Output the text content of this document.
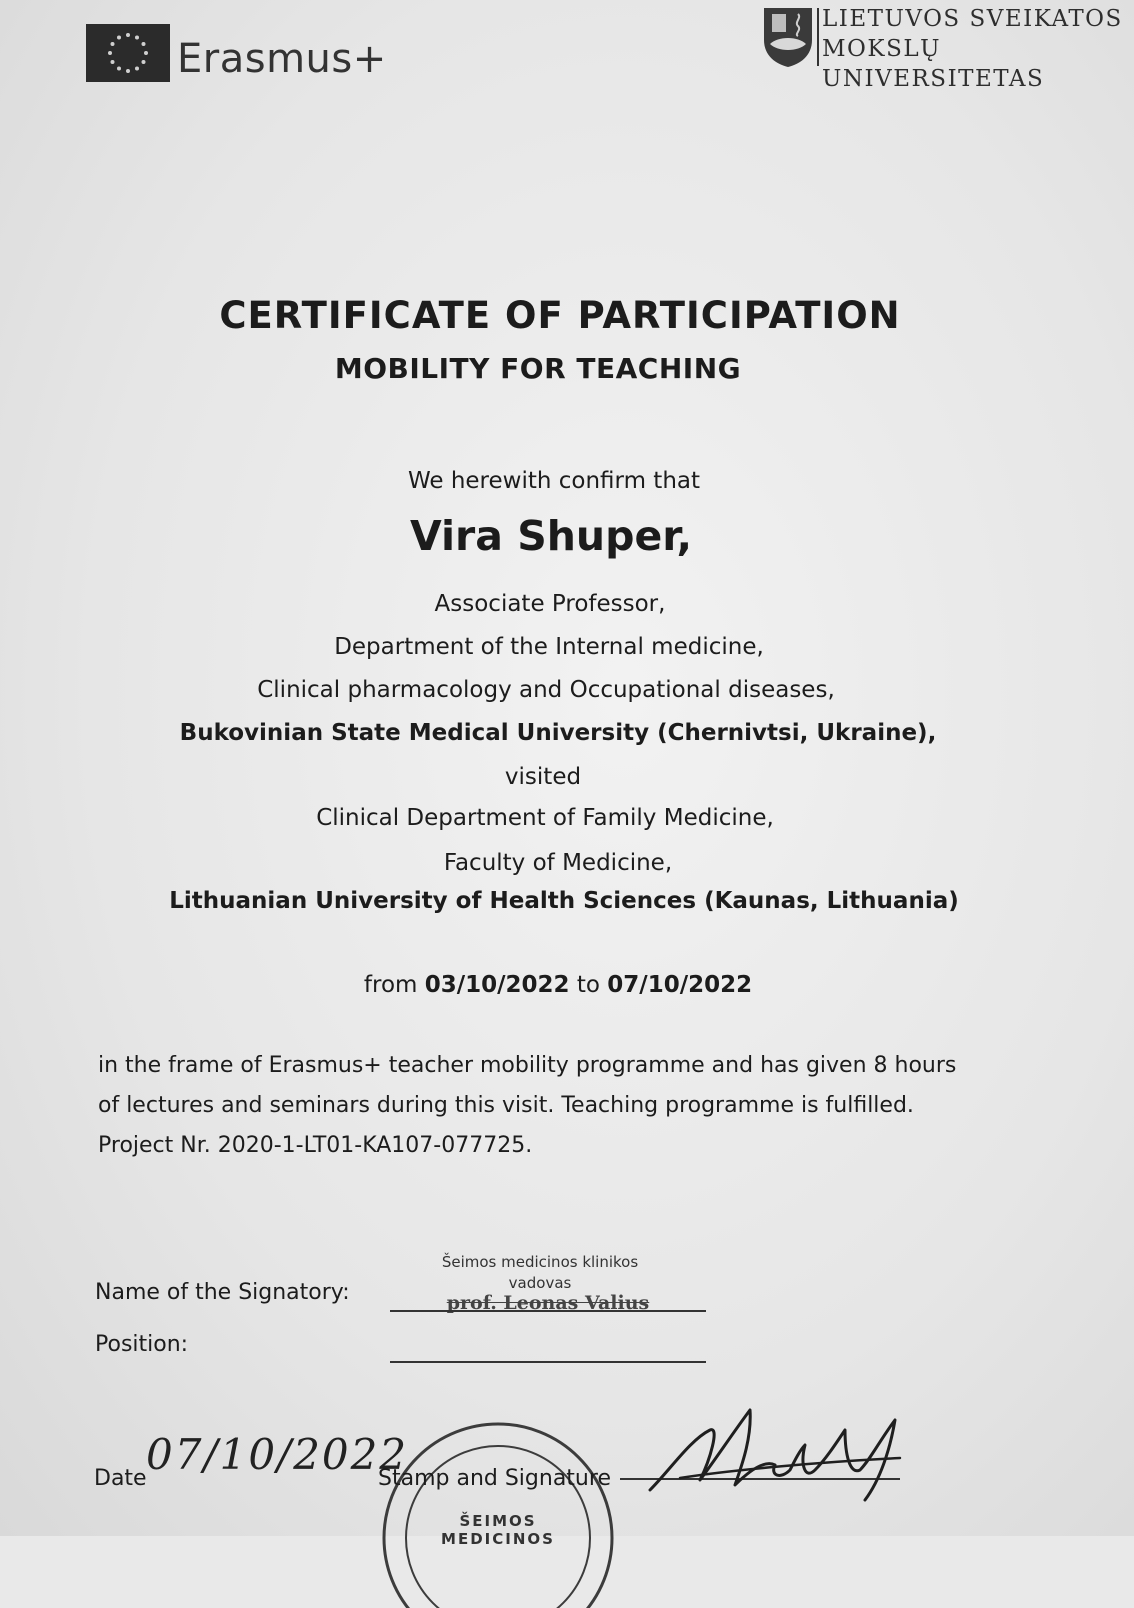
Erasmus+
LIETUVOS SVEIKATOS
MOKSLŲ UNIVERSITETAS
CERTIFICATE OF PARTICIPATION
MOBILITY FOR TEACHING
We herewith confirm that
Vira Shuper,
Associate Professor,
Department of the Internal medicine,
Clinical pharmacology and Occupational diseases,
Bukovinian State Medical University (Chernivtsi, Ukraine),
visited
Clinical Department of Family Medicine,
Faculty of Medicine,
Lithuanian University of Health Sciences (Kaunas, Lithuania)
from 03/10/2022 to 07/10/2022
in the frame of Erasmus+ teacher mobility programme and has given 8 hours
of lectures and seminars during this visit. Teaching programme is fulfilled.
Project Nr. 2020-1-LT01-KA107-077725.
Šeimos medicinos klinikos
vadovas
Name of the Signatory:	prof. Leonas Valius
Position:
Date 07/10/2022
ŠEIMOS MEDICINOS
Stamp and Signature
